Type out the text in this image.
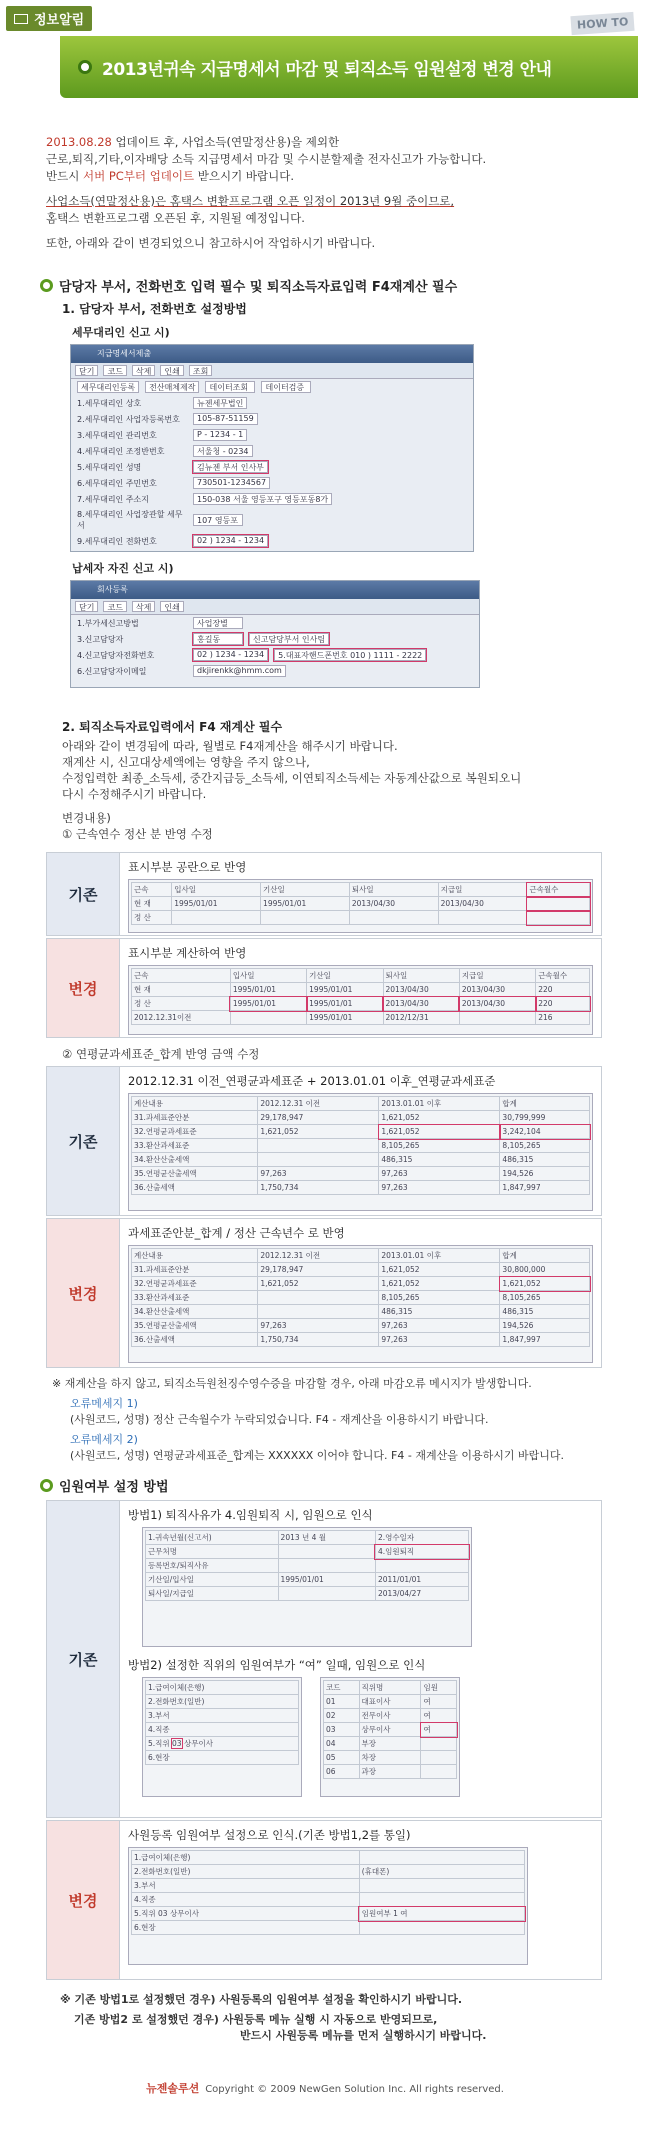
정보알림
2013년귀속 지급명세서 마감 및 퇴직소득 임원설정 변경 안내
HOW TO
2013.08.28 업데이트 후, 사업소득(연말정산용)을 제외한
근로,퇴직,기타,이자배당 소득 지급명세서 마감 및 수시분할제출 전자신고가 가능합니다.
반드시 서버 PC부터 업데이트 받으시기 바랍니다.
사업소득(연말정산용)은 홈택스 변환프로그램 오픈 일정이 2013년 9월 중이므로,
홈택스 변환프로그램 오픈된 후, 지원될 예정입니다.
또한, 아래와 같이 변경되었으니 참고하시어 작업하시기 바랍니다.
담당자 부서, 전화번호 입력 필수 및 퇴직소득자료입력 F4재계산 필수
1. 담당자 부서, 전화번호 설정방법
세무대리인 신고 시)
지급명세서제출
닫기	코드	삭제	인쇄	조회
세무대리인등록	전산매체제작	데이터조회	데이터검증
1.세무대리인 상호	뉴젠세무법인
2.세무대리인 사업자등록번호	105-87-51159
3.세무대리인 관리번호	P - 1234 - 1
4.세무대리인 조정반번호	서울청 - 0234
5.세무대리인 성명	김뉴젠 부서 인사부
6.세무대리인 주민번호	730501-1234567
7.세무대리인 주소지	150-038 서울 영등포구 영등포동8가
8.세무대리인 사업장관할 세무서
107 영등포
9.세무대리인 전화번호	02 ) 1234 - 1234
납세자 자진 신고 시)
회사등록
닫기	코드	삭제	인쇄
1.부가세신고방법	사업장별
3.신고담당자	홍길동	신고담당부서 인사팀
4.신고담당자전화번호	02 ) 1234 - 1234	5.대표자핸드폰번호 010 ) 1111 - 2222
6.신고담당자이메일	dkjirenkk@hmm.com
2. 퇴직소득자료입력에서 F4 재계산 필수
아래와 같이 변경됨에 따라, 월별로 F4재계산을 해주시기 바랍니다.
재계산 시, 신고대상세액에는 영향을 주지 않으나,
수정입력한 최종_소득세, 중간지급등_소득세, 이연퇴직소득세는 자동계산값으로 복원되오니
다시 수정해주시기 바랍니다.
변경내용)
① 근속연수 정산 분 반영 수정
기존
표시부분 공란으로 반영
근속	입사일	기산일	퇴사일	지급일	근속월수
현 재	1995/01/01	1995/01/01	2013/04/30	2013/04/30	
정 산					
변경
표시부분 계산하여 반영
근속	입사일	기산일	퇴사일	지급일	근속월수
현 재	1995/01/01	1995/01/01	2013/04/30	2013/04/30	220
정 산	1995/01/01	1995/01/01	2013/04/30	2013/04/30	220
2012.12.31이전		1995/01/01	2012/12/31		216
② 연평균과세표준_합계 반영 금액 수정
기존
2012.12.31 이전_연평균과세표준 + 2013.01.01 이후_연평균과세표준
계산내용	2012.12.31 이전	2013.01.01 이후	합계
31.과세표준안분	29,178,947	1,621,052	30,799,999
32.연평균과세표준	1,621,052	1,621,052	3,242,104
33.환산과세표준		8,105,265	8,105,265
34.환산산출세액		486,315	486,315
35.연평균산출세액	97,263	97,263	194,526
36.산출세액	1,750,734	97,263	1,847,997
변경
과세표준안분_합계 / 정산 근속년수 로 반영
계산내용	2012.12.31 이전	2013.01.01 이후	합계
31.과세표준안분	29,178,947	1,621,052	30,800,000
32.연평균과세표준	1,621,052	1,621,052	1,621,052
33.환산과세표준		8,105,265	8,105,265
34.환산산출세액		486,315	486,315
35.연평균산출세액	97,263	97,263	194,526
36.산출세액	1,750,734	97,263	1,847,997
※ 재계산을 하지 않고, 퇴직소득원천징수영수증을 마감할 경우, 아래 마감오류 메시지가 발생합니다.
오류메세지 1)
(사원코드, 성명) 정산 근속월수가 누락되었습니다. F4 - 재계산을 이용하시기 바랍니다.
오류메세지 2)
(사원코드, 성명) 연평균과세표준_합계는 XXXXXX 이어야 합니다. F4 - 재계산을 이용하시기 바랍니다.
임원여부 설정 방법
기존
방법1) 퇴직사유가 4.임원퇴직 시, 임원으로 인식
1.귀속년월(신고서)	2013 년 4 월	2.영수일자
근무처명		4.임원퇴직
등록번호/퇴직사유		
기산일/입사일	1995/01/01	2011/01/01
퇴사일/지급일		2013/04/27
방법2) 설정한 직위의 임원여부가 “여” 일때, 임원으로 인식
1.급여이체(은행)
2.전화번호(일반)
3.부서
4.직종
5.직위 03 상무이사
6.현장
코드	직위명	임원
01	대표이사	여
02	전무이사	여
03	상무이사	여
04	부장	
05	차장	
06	과장	
변경
사원등록 임원여부 설정으로 인식.(기존 방법1,2를 통일)
1.급여이체(은행)	
2.전화번호(일반)	(휴대폰)
3.부서	
4.직종	
5.직위 03 상무이사	임원여부 1 여
6.현장	
※ 기존 방법1로 설정했던 경우) 사원등록의 임원여부 설정을 확인하시기 바랍니다.
기존 방법2 로 설정했던 경우) 사원등록 메뉴 실행 시 자동으로 반영되므로,
반드시 사원등록 메뉴를 먼저 실행하시기 바랍니다.
뉴젠솔루션 Copyright © 2009 NewGen Solution Inc. All rights reserved.
